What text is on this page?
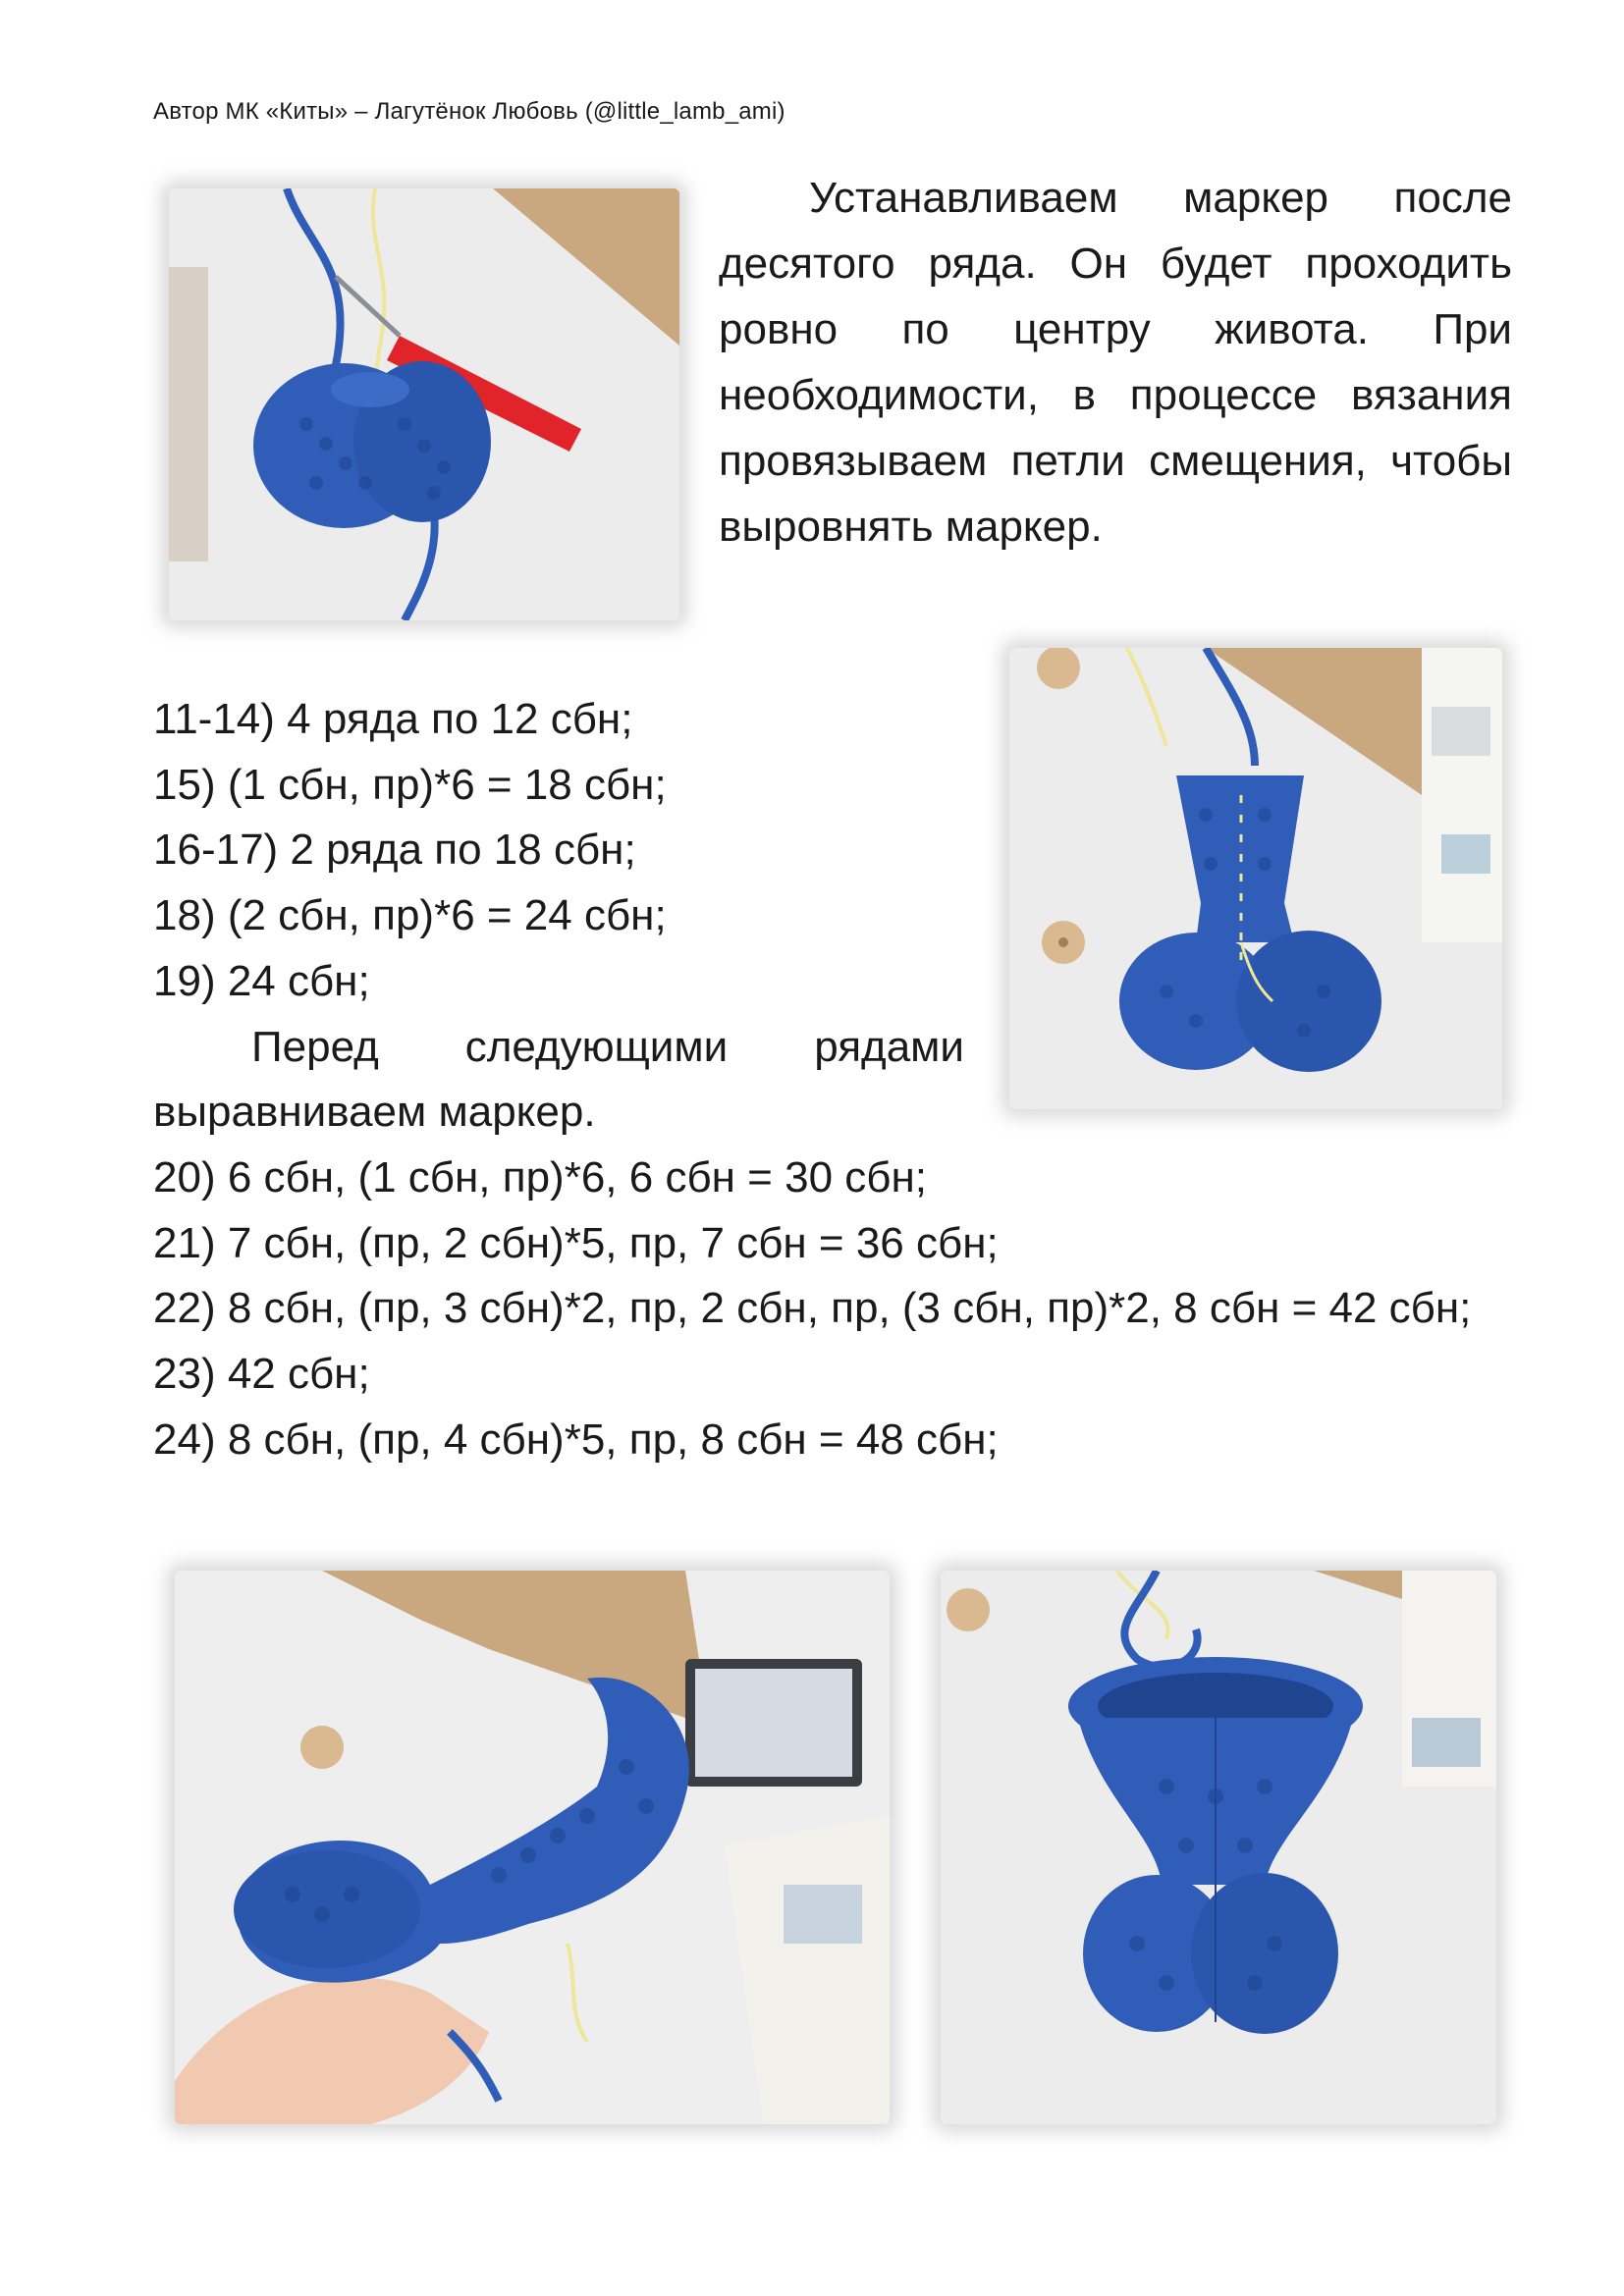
Автор МК «Киты» – Лагутёнок Любовь (@little_lamb_ami)
Устанавливаем маркер после десятого ряда. Он будет проходить ровно по центру живота. При необходимости, в процессе вязания провязываем петли смещения, чтобы выровнять маркер.
11-14) 4 ряда по 12 сбн;
15) (1 сбн, пр)*6 = 18 сбн;
16-17) 2 ряда по 18 сбн;
18) (2 сбн, пр)*6 = 24 сбн;
19) 24 сбн;
Перед следующими рядами выравниваем маркер.
20) 6 сбн, (1 сбн, пр)*6, 6 сбн = 30 сбн;
21) 7 сбн, (пр, 2 сбн)*5, пр, 7 сбн = 36 сбн;
22) 8 сбн, (пр, 3 сбн)*2, пр, 2 сбн, пр, (3 сбн, пр)*2, 8 сбн = 42 сбн;
23) 42 сбн;
24) 8 сбн, (пр, 4 сбн)*5, пр, 8 сбн = 48 сбн;
